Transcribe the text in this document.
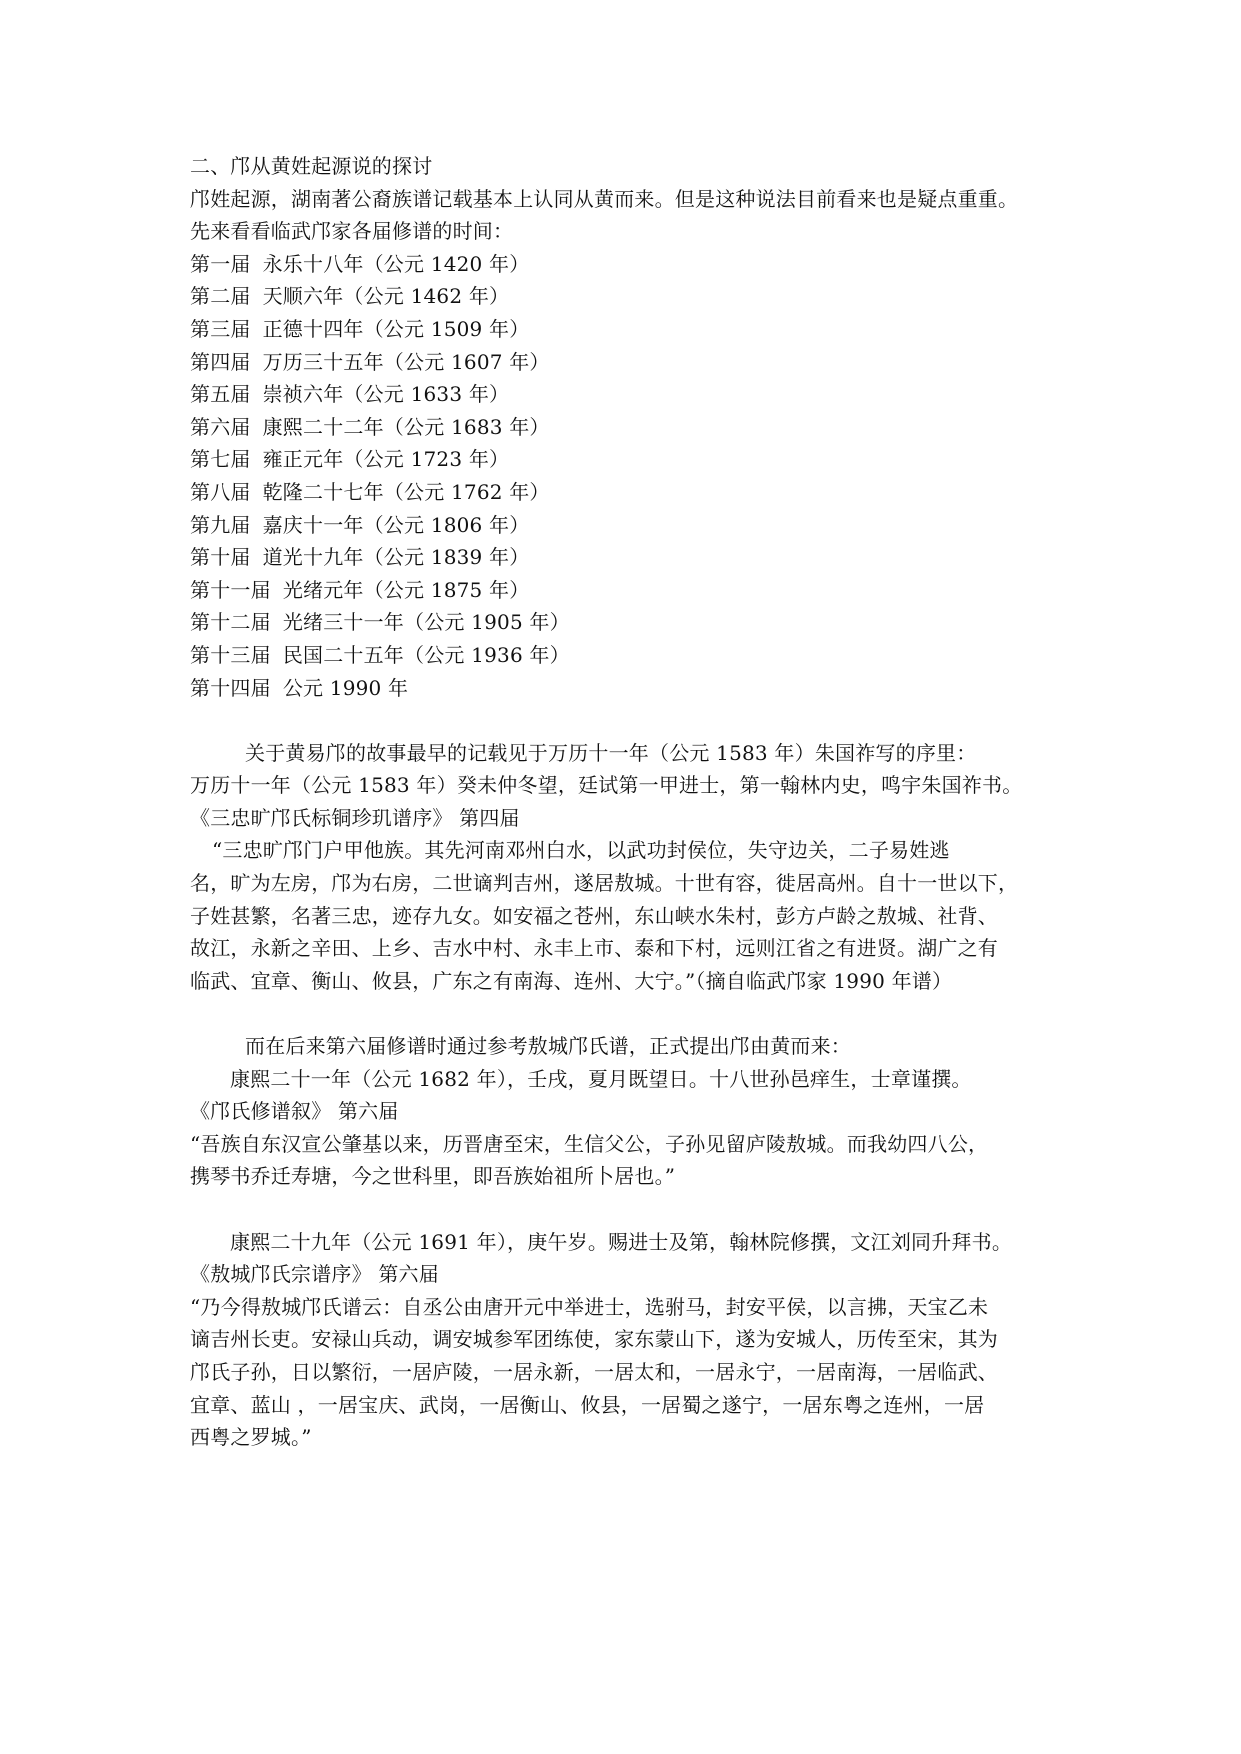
二、邝从黄姓起源说的探讨
邝姓起源，湖南著公裔族谱记载基本上认同从黄而来。但是这种说法目前看来也是疑点重重。
先来看看临武邝家各届修谱的时间：
第一届 永乐十八年（公元 1420 年）
第二届 天顺六年（公元 1462 年）
第三届 正德十四年（公元 1509 年）
第四届 万历三十五年（公元 1607 年）
第五届 崇祯六年（公元 1633 年）
第六届 康熙二十二年（公元 1683 年）
第七届 雍正元年（公元 1723 年）
第八届 乾隆二十七年（公元 1762 年）
第九届 嘉庆十一年（公元 1806 年）
第十届 道光十九年（公元 1839 年）
第十一届 光绪元年（公元 1875 年）
第十二届 光绪三十一年（公元 1905 年）
第十三届 民国二十五年（公元 1936 年）
第十四届 公元 1990 年
关于黄易邝的故事最早的记载见于万历十一年（公元 1583 年）朱国祚写的序里：
万历十一年（公元 1583 年）癸未仲冬望，廷试第一甲进士，第一翰林内史，鸣宇朱国祚书。
《三忠旷邝氏标铜珍玑谱序》 第四届
“三忠旷邝门户甲他族。其先河南邓州白水，以武功封侯位，失守边关，二子易姓逃
名，旷为左房，邝为右房，二世谪判吉州，遂居敖城。十世有容，徙居高州。自十一世以下，
子姓甚繁，名著三忠，迹存九女。如安福之苍州，东山峡水朱村，彭方卢龄之敖城、社背、
故江，永新之辛田、上乡、吉水中村、永丰上市、泰和下村，远则江省之有进贤。湖广之有
临武、宜章、衡山、攸县，广东之有南海、连州、大宁。”（摘自临武邝家 1990 年谱）
而在后来第六届修谱时通过参考敖城邝氏谱，正式提出邝由黄而来：
康熙二十一年（公元 1682 年），壬戌，夏月既望日。十八世孙邑痒生，士章谨撰。
《邝氏修谱叙》 第六届
“吾族自东汉宣公肇基以来，历晋唐至宋，生信父公，子孙见留庐陵敖城。而我幼四八公，
携琴书乔迁寿塘，今之世科里，即吾族始祖所卜居也。”
康熙二十九年（公元 1691 年），庚午岁。赐进士及第，翰林院修撰，文江刘同升拜书。
《敖城邝氏宗谱序》 第六届
“乃今得敖城邝氏谱云：自丞公由唐开元中举进士，选驸马，封安平侯，以言拂，天宝乙未
谪吉州长吏。安禄山兵动，调安城参军团练使，家东蒙山下，遂为安城人，历传至宋，其为
邝氏子孙，日以繁衍，一居庐陵，一居永新，一居太和，一居永宁，一居南海，一居临武、
宜章、蓝山 ，一居宝庆、武岗，一居衡山、攸县，一居蜀之遂宁，一居东粤之连州，一居
西粤之罗城。”
